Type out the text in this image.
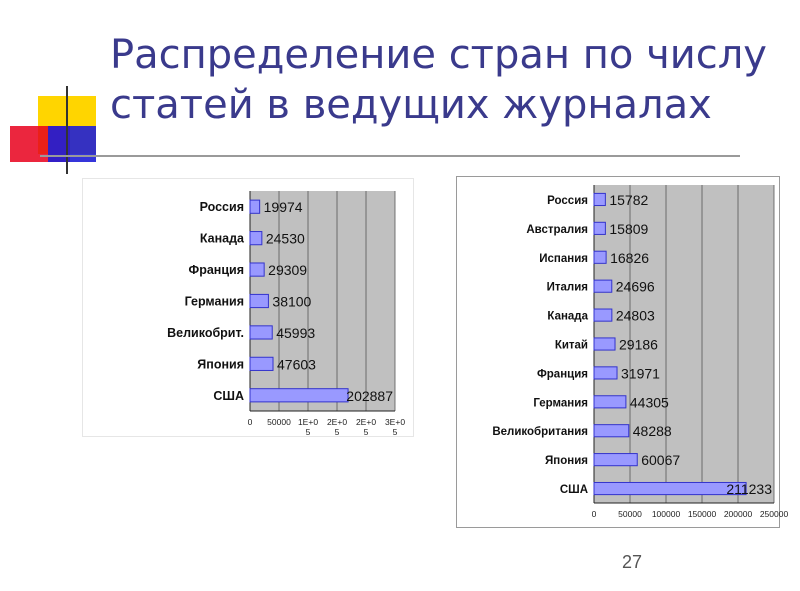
Распределение стран по числу
статей в ведущих журналах
0 50000 1E+0
5
2E+0
5
2E+0
5
3E+0
5
Россия 19974
Канада 24530
Франция 29309
Германия 38100
Великобрит. 45993
Япония 47603
США	202887
0	50000 100000 150000 200000 250000
Россия 15782
Австралия 15809
Испания 16826
Италия 24696
Канада 24803
Китай 29186
Франция 31971
Германия	44305
Великобритания	48288
Япония	60067
США	211233
27
